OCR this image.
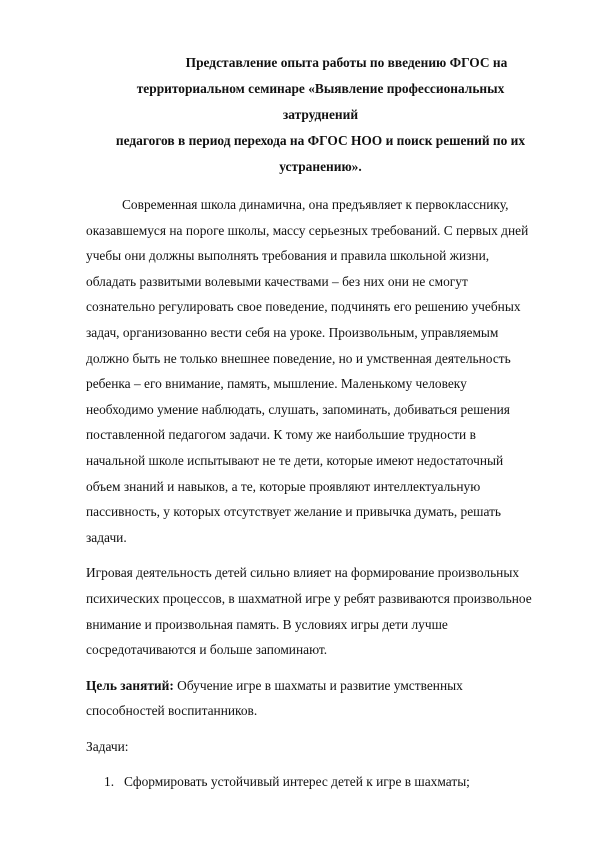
Представление опыта работы по введению ФГОС на
территориальном семинаре «Выявление профессиональных затруднений
педагогов в период перехода на ФГОС НОО и поиск решений по их
устранению».
Современная школа динамична, она предъявляет к первокласснику,
оказавшемуся на пороге школы, массу серьезных требований. С первых дней
учебы они должны выполнять требования и правила школьной жизни,
обладать развитыми волевыми качествами – без них они не смогут
сознательно регулировать свое поведение, подчинять его решению учебных
задач, организованно вести себя на уроке. Произвольным, управляемым
должно быть не только внешнее поведение, но и умственная деятельность
ребенка – его внимание, память, мышление. Маленькому человеку
необходимо умение наблюдать, слушать, запоминать, добиваться решения
поставленной педагогом задачи. К тому же наибольшие трудности в
начальной школе испытывают не те дети, которые имеют недостаточный
объем знаний и навыков, а те, которые проявляют интеллектуальную
пассивность, у которых отсутствует желание и привычка думать, решать
задачи.
Игровая деятельность детей сильно влияет на формирование произвольных
психических процессов, в шахматной игре у ребят развиваются произвольное
внимание и произвольная память. В условиях игры дети лучше
сосредотачиваются и больше запоминают.
Цель занятий: Обучение игре в шахматы и развитие умственных
способностей воспитанников.
Задачи:
1. Сформировать устойчивый интерес детей к игре в шахматы;
